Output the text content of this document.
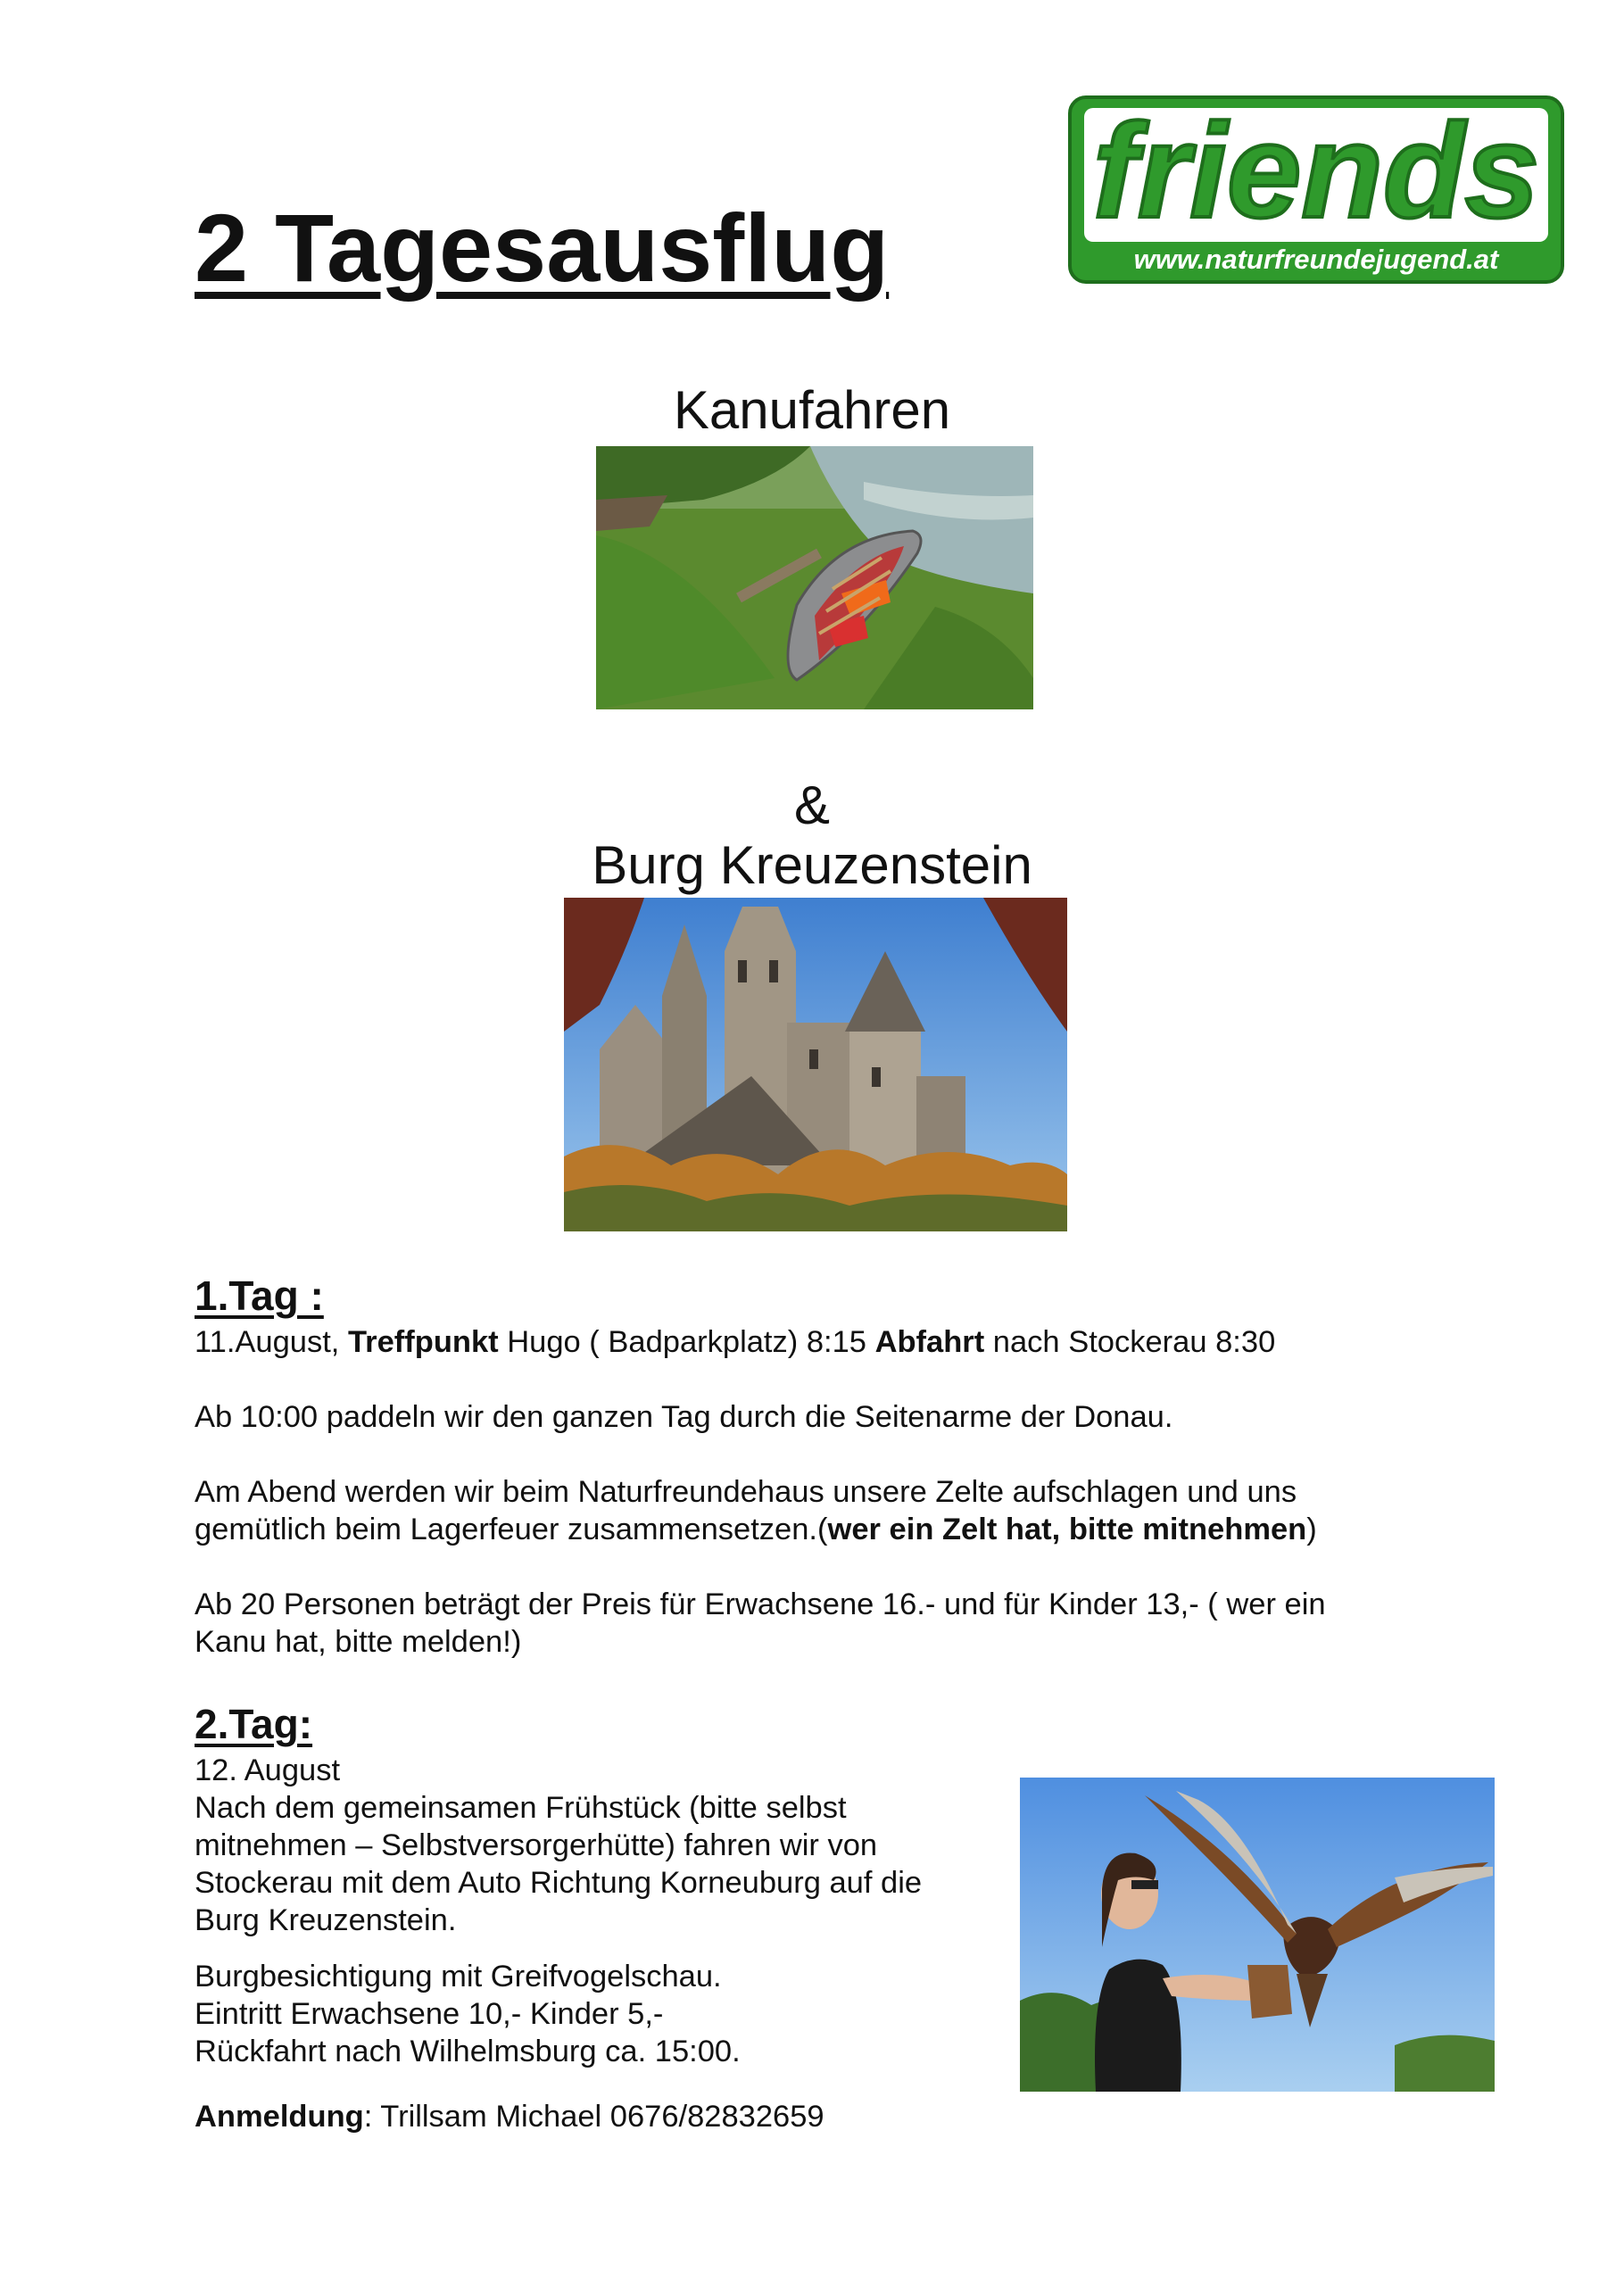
2 Tagesausflug
friends
www.naturfreundejugend.at
Kanufahren
&
Burg Kreuzenstein
1.Tag :
11.August, Treffpunkt Hugo ( Badparkplatz) 8:15 Abfahrt nach Stockerau 8:30
Ab 10:00 paddeln wir den ganzen Tag durch die Seitenarme der Donau.
Am Abend werden wir beim Naturfreundehaus unsere Zelte aufschlagen und uns
gemütlich beim Lagerfeuer zusammensetzen.(wer ein Zelt hat, bitte mitnehmen)
Ab 20 Personen beträgt der Preis für Erwachsene 16.- und für Kinder 13,- ( wer ein
Kanu hat, bitte melden!)
2.Tag:
12. August
Nach dem gemeinsamen Frühstück (bitte selbst
mitnehmen – Selbstversorgerhütte) fahren wir von
Stockerau mit dem Auto Richtung Korneuburg auf die
Burg Kreuzenstein.
Burgbesichtigung mit Greifvogelschau.
Eintritt Erwachsene 10,- Kinder 5,-
Rückfahrt nach Wilhelmsburg ca. 15:00.
Anmeldung: Trillsam Michael 0676/82832659
